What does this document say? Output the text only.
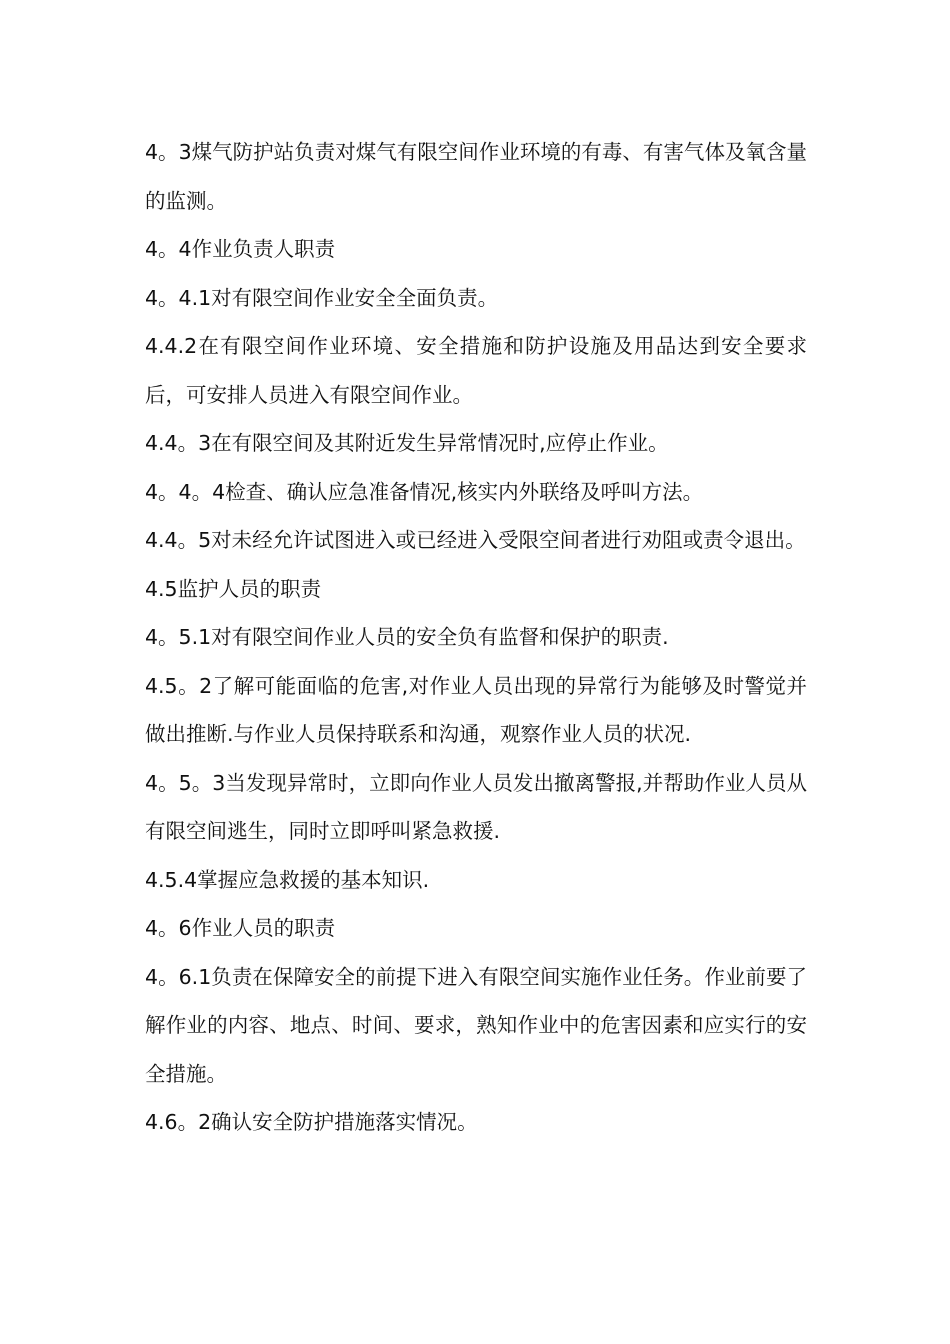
4。3煤气防护站负责对煤气有限空间作业环境的有毒、有害气体及氧含量的监测。

4。4作业负责人职责

4。4.1对有限空间作业安全全面负责。

4.4.2在有限空间作业环境、安全措施和防护设施及用品达到安全要求后，可安排人员进入有限空间作业。

4.4。3在有限空间及其附近发生异常情况时,应停止作业。

4。4。4检查、确认应急准备情况,核实内外联络及呼叫方法。

4.4。5对未经允许试图进入或已经进入受限空间者进行劝阻或责令退出。

4.5监护人员的职责

4。5.1对有限空间作业人员的安全负有监督和保护的职责.

4.5。2了解可能面临的危害,对作业人员出现的异常行为能够及时警觉并做出推断.与作业人员保持联系和沟通，观察作业人员的状况.

4。5。3当发现异常时，立即向作业人员发出撤离警报,并帮助作业人员从有限空间逃生，同时立即呼叫紧急救援.

4.5.4掌握应急救援的基本知识.

4。6作业人员的职责

4。6.1负责在保障安全的前提下进入有限空间实施作业任务。作业前要了解作业的内容、地点、时间、要求，熟知作业中的危害因素和应实行的安全措施。

4.6。2确认安全防护措施落实情况。
